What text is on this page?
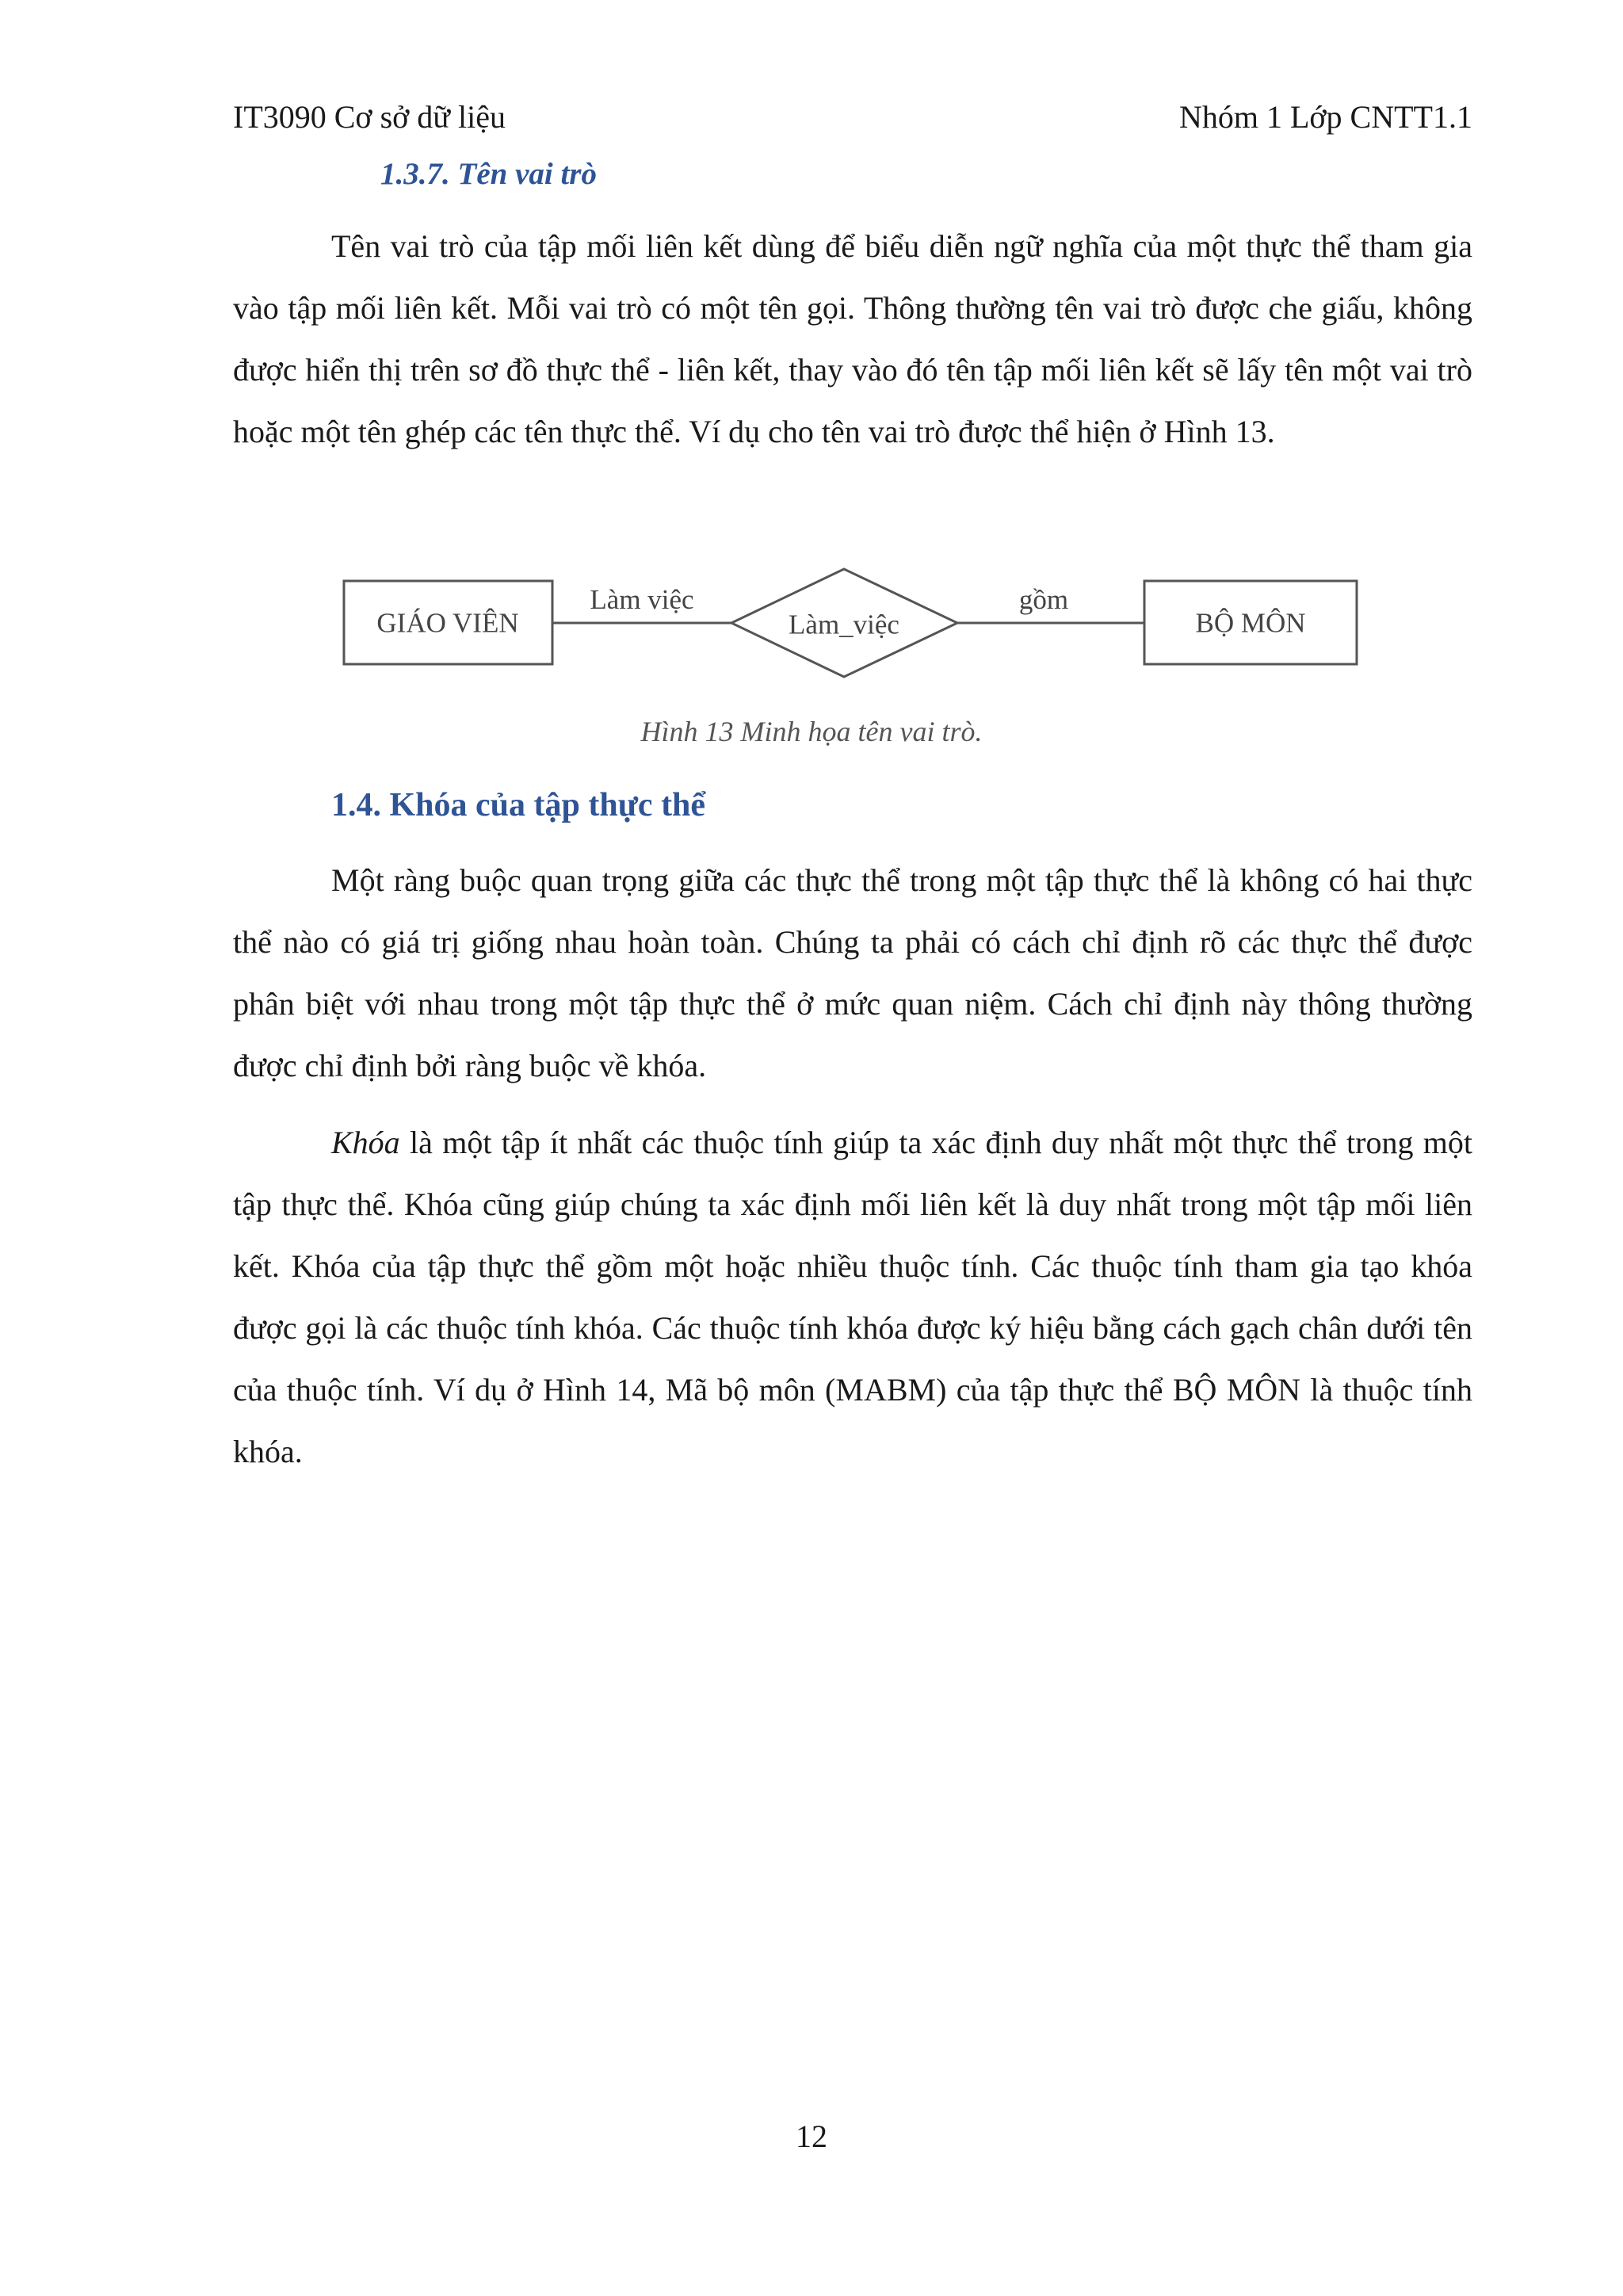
IT3090 Cơ sở dữ liệu	Nhóm 1 Lớp CNTT1.1
1.3.7. Tên vai trò

Tên vai trò của tập mối liên kết dùng để biểu diễn ngữ nghĩa của một thực thể tham gia vào tập mối liên kết. Mỗi vai trò có một tên gọi. Thông thường tên vai trò được che giấu, không được hiển thị trên sơ đồ thực thể - liên kết, thay vào đó tên tập mối liên kết sẽ lấy tên một vai trò hoặc một tên ghép các tên thực thể. Ví dụ cho tên vai trò được thể hiện ở Hình 13.

GIÁO VIÊN	BỘ MÔN
Làm_việc
Làm việc	gồm
Hình 13 Minh họa tên vai trò.
1.4. Khóa của tập thực thể

Một ràng buộc quan trọng giữa các thực thể trong một tập thực thể là không có hai thực thể nào có giá trị giống nhau hoàn toàn. Chúng ta phải có cách chỉ định rõ các thực thể được phân biệt với nhau trong một tập thực thể ở mức quan niệm. Cách chỉ định này thông thường được chỉ định bởi ràng buộc về khóa.

Khóa là một tập ít nhất các thuộc tính giúp ta xác định duy nhất một thực thể trong một tập thực thể. Khóa cũng giúp chúng ta xác định mối liên kết là duy nhất trong một tập mối liên kết. Khóa của tập thực thể gồm một hoặc nhiều thuộc tính. Các thuộc tính tham gia tạo khóa được gọi là các thuộc tính khóa. Các thuộc tính khóa được ký hiệu bằng cách gạch chân dưới tên của thuộc tính. Ví dụ ở Hình 14, Mã bộ môn (MABM) của tập thực thể BỘ MÔN là thuộc tính khóa.

12
